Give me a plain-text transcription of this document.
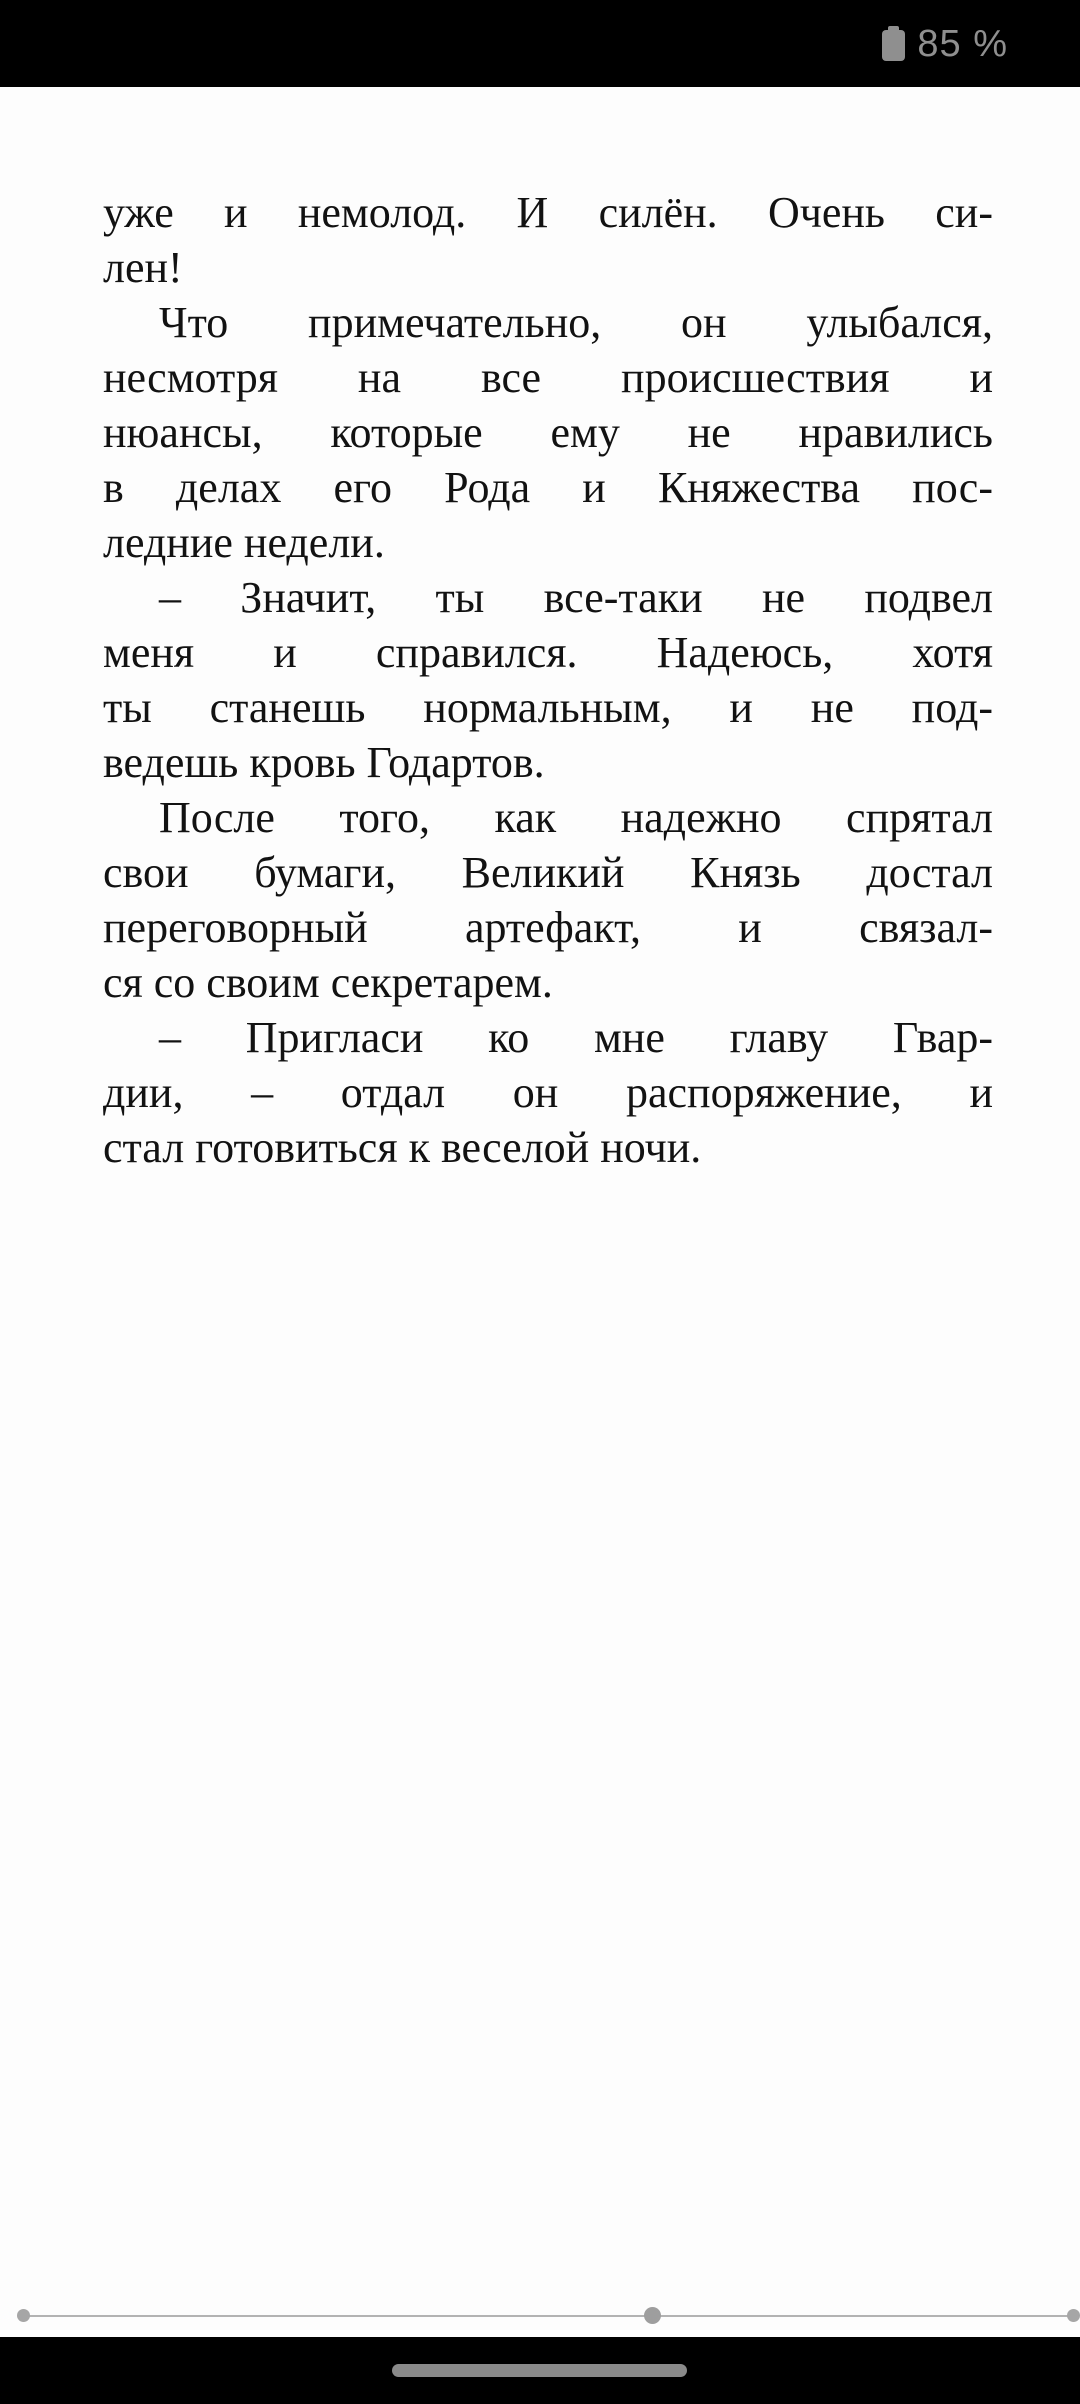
85 %
уже и немолод. И силён. Очень си-
лен!
Что примечательно, он улыбался,
несмотря на все происшествия и
нюансы, которые ему не нравились
в делах его Рода и Княжества пос-
ледние недели.
– Значит, ты все-таки не подвел
меня и справился. Надеюсь, хотя
ты станешь нормальным, и не под-
ведешь кровь Годартов.
После того, как надежно спрятал
свои бумаги, Великий Князь достал
переговорный артефакт, и связал-
ся со своим секретарем.
– Пригласи ко мне главу Гвар-
дии, – отдал он распоряжение, и
стал готовиться к веселой ночи.
